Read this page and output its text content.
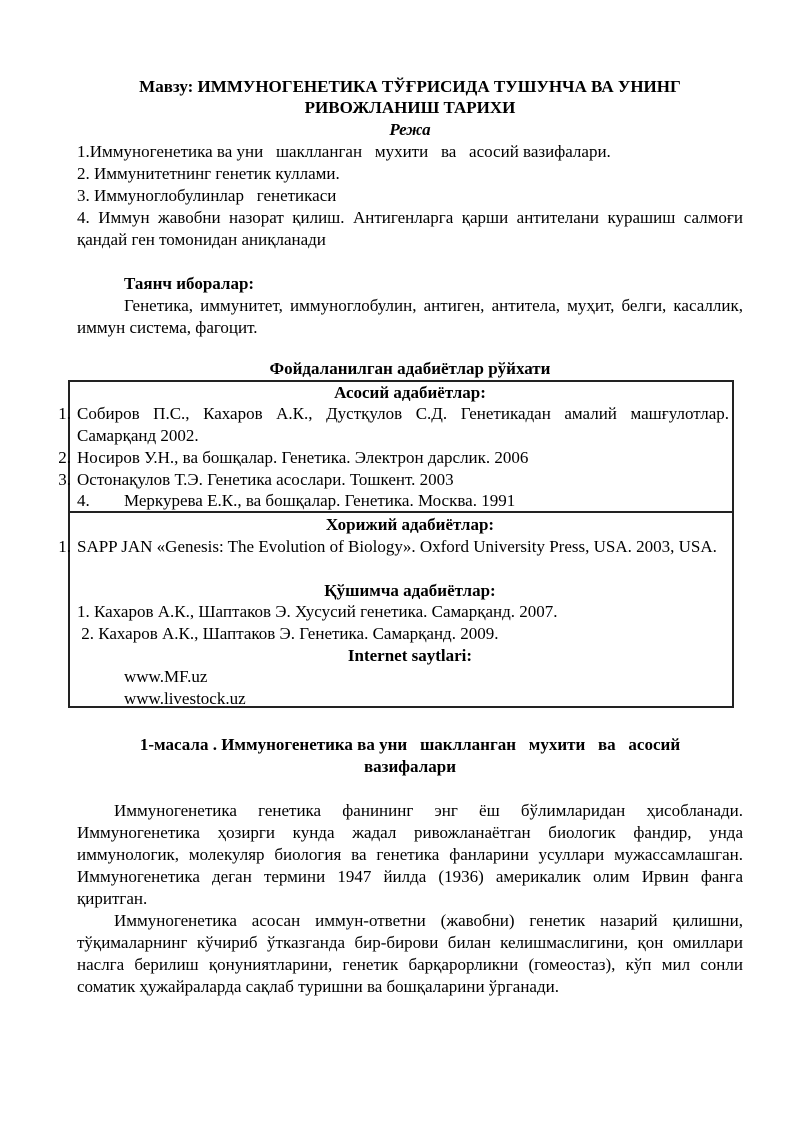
Мавзу: ИММУНОГЕНЕТИКА ТЎҒРИСИДА ТУШУНЧА ВА УНИНГ
РИВОЖЛАНИШ ТАРИХИ
Режа
1.Иммуногенетика ва уни   шаклланган   мухити   ва   асосий вазифалари.
2. Иммунитетнинг генетик куллами.
3. Иммуноглобулинлар   генетикаси
4. Иммун жавобни назорат қилиш. Антигенларга қарши антителани курашиш салмоғи қандай ген томонидан аниқланади
Таянч иборалар:
Генетика, иммунитет, иммуноглобулин, антиген, антитела, муҳит, белги, касаллик, иммун система, фагоцит.
Фойдаланилган адабиётлар рўйхати
Асосий адабиётлар:
1. Собиров П.С., Кахаров А.К., Дустқулов С.Д. Генетикадан амалий машғулотлар. Самарқанд 2002.
2. Носиров У.Н., ва бошқалар. Генетика. Электрон дарслик. 2006
3. Остонақулов Т.Э. Генетика асослари. Тошкент. 2003
4. Меркурева Е.К., ва бошқалар. Генетика. Москва. 1991
Хорижий адабиётлар:
1. SAPP JAN «Genesis: The Evolution of Biology». Oxford University Press, USA. 2003, USA.
Қўшимча адабиётлар:
1. Кахаров А.К., Шаптаков Э. Хусусий генетика. Самарқанд. 2007.
2. Кахаров А.К., Шаптаков Э. Генетика. Самарқанд. 2009.
Internet saytlari:
www.MF.uz
www.livestock.uz
1-масала . Иммуногенетика ва уни   шаклланган   мухити   ва   асосий
вазифалари
Иммуногенетика генетика фанининг энг ёш бўлимларидан ҳисобланади. Иммуногенетика ҳозирги кунда жадал ривожланаётган биологик фандир, унда иммунологик, молекуляр биология ва генетика фанларини усуллари мужассамлашган. Иммуногенетика деган термини 1947 йилда (1936) америкалик олим Ирвин фанга қиритган.
Иммуногенетика асосан иммун-ответни (жавобни) генетик назарий қилишни, тўқималарнинг кўчириб ўтказганда бир-бирови билан келишмаслигини, қон омиллари наслга берилиш қонуниятларини, генетик барқарорликни (гомеостаз), кўп мил сонли соматик ҳужайраларда сақлаб туришни ва бошқаларини ўрганади.
